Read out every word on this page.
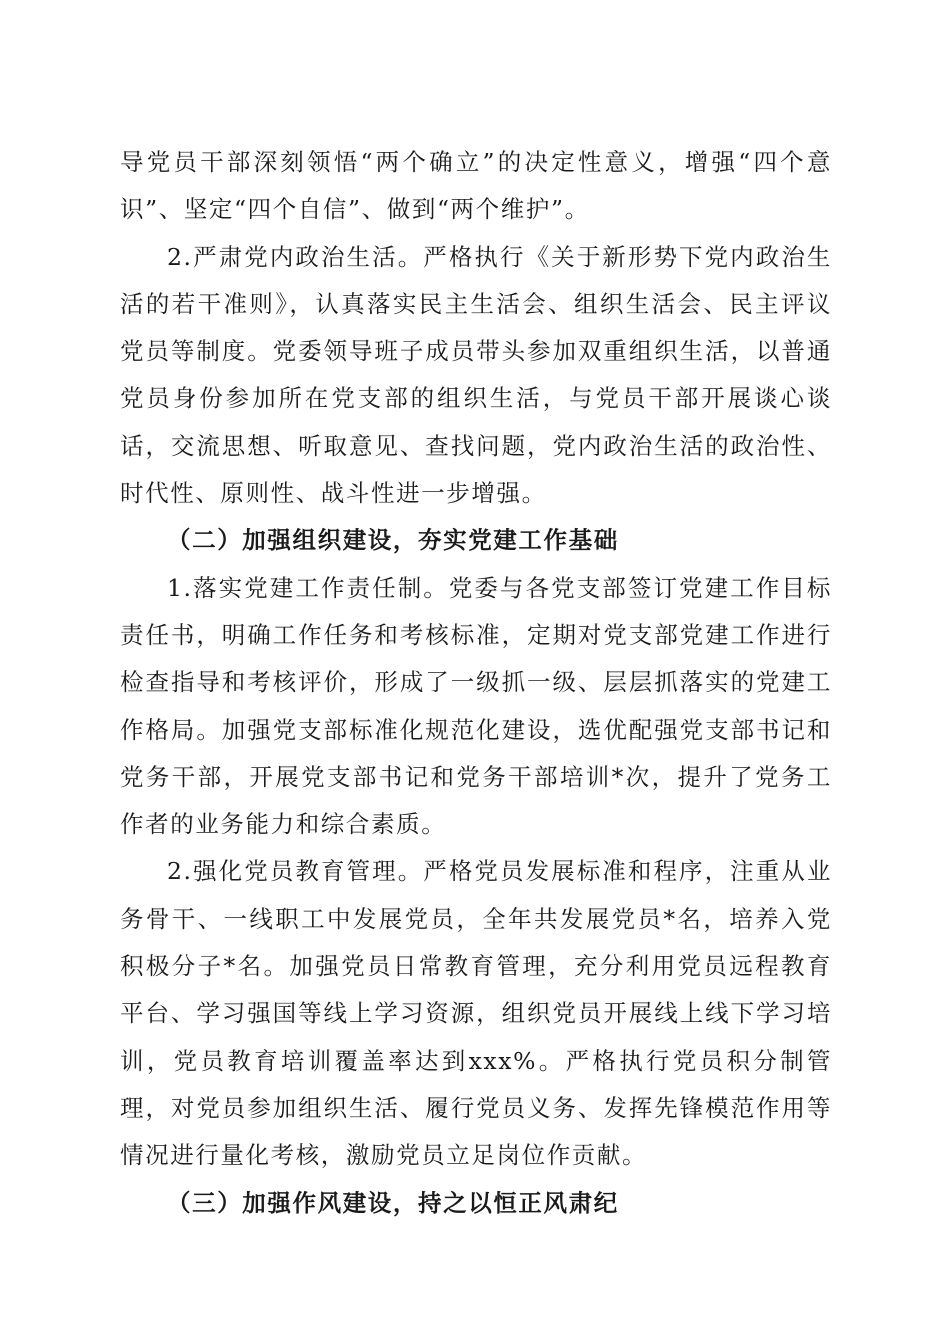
导党员干部深刻领悟“两个确立”的决定性意义，增强“四个意识”、坚定“四个自信”、做到“两个维护”。

2.严肃党内政治生活。严格执行《关于新形势下党内政治生活的若干准则》，认真落实民主生活会、组织生活会、民主评议党员等制度。党委领导班子成员带头参加双重组织生活，以普通党员身份参加所在党支部的组织生活，与党员干部开展谈心谈话，交流思想、听取意见、查找问题，党内政治生活的政治性、时代性、原则性、战斗性进一步增强。

（二）加强组织建设，夯实党建工作基础

1.落实党建工作责任制。党委与各党支部签订党建工作目标责任书，明确工作任务和考核标准，定期对党支部党建工作进行检查指导和考核评价，形成了一级抓一级、层层抓落实的党建工作格局。加强党支部标准化规范化建设，选优配强党支部书记和党务干部，开展党支部书记和党务干部培训*次，提升了党务工作者的业务能力和综合素质。

2.强化党员教育管理。严格党员发展标准和程序，注重从业务骨干、一线职工中发展党员，全年共发展党员*名，培养入党积极分子*名。加强党员日常教育管理，充分利用党员远程教育平台、学习强国等线上学习资源，组织党员开展线上线下学习培训，党员教育培训覆盖率达到xxx%。严格执行党员积分制管理，对党员参加组织生活、履行党员义务、发挥先锋模范作用等情况进行量化考核，激励党员立足岗位作贡献。

（三）加强作风建设，持之以恒正风肃纪
